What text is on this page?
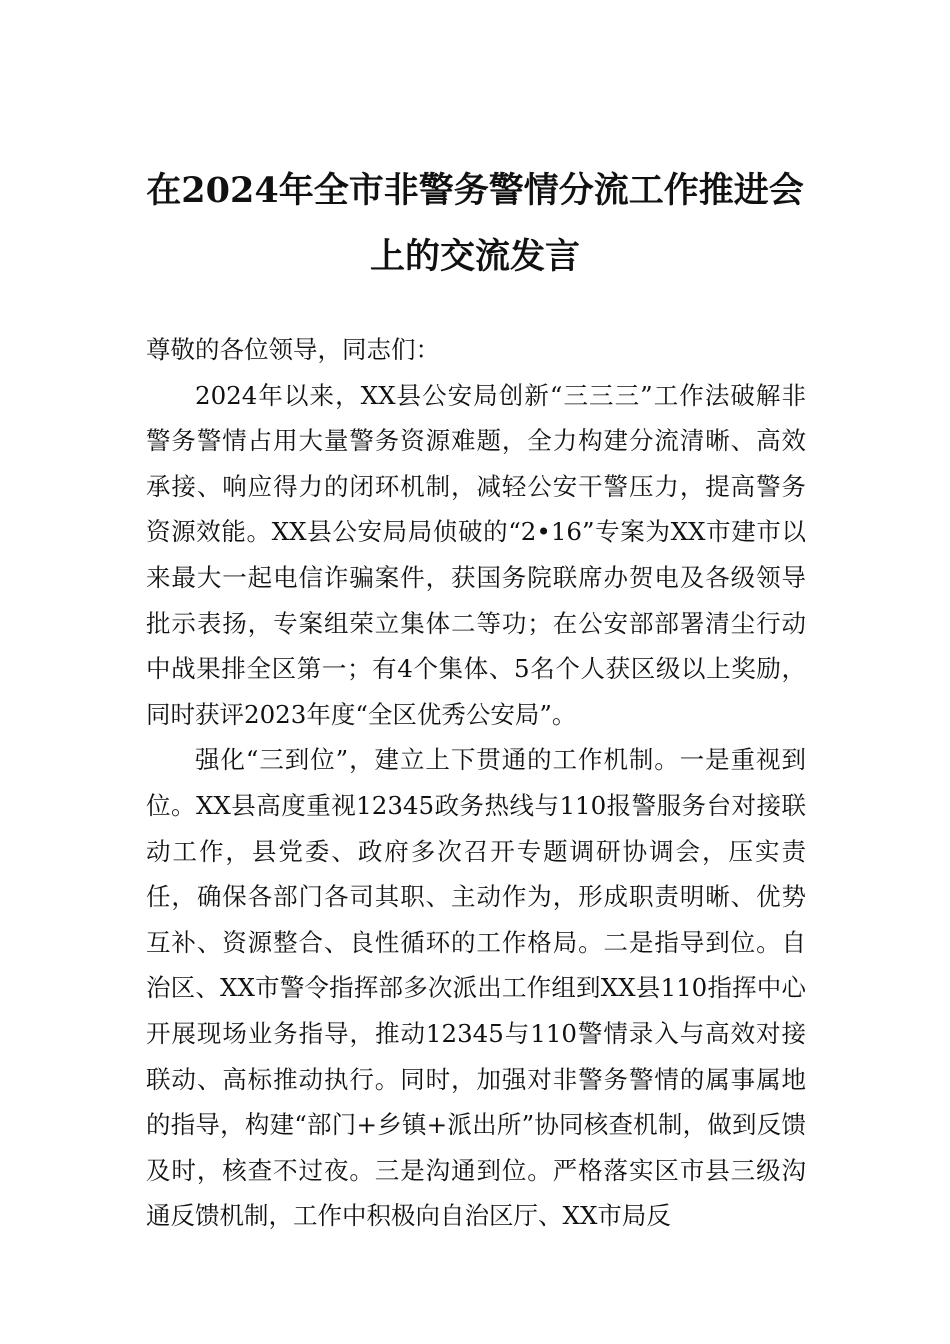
在2024年全市非警务警情分流工作推进会
上的交流发言

尊敬的各位领导，同志们：

2024年以来，XX县公安局创新“三三三”工作法破解非警务警情占用大量警务资源难题，全力构建分流清晰、高效承接、响应得力的闭环机制，减轻公安干警压力，提高警务资源效能。XX县公安局局侦破的“2•16”专案为XX市建市以来最大一起电信诈骗案件，获国务院联席办贺电及各级领导批示表扬，专案组荣立集体二等功；在公安部部署清尘行动中战果排全区第一；有4个集体、5名个人获区级以上奖励，同时获评2023年度“全区优秀公安局”。

强化“三到位”，建立上下贯通的工作机制。一是重视到位。XX县高度重视12345政务热线与110报警服务台对接联动工作，县党委、政府多次召开专题调研协调会，压实责任，确保各部门各司其职、主动作为，形成职责明晰、优势互补、资源整合、良性循环的工作格局。二是指导到位。自治区、XX市警令指挥部多次派出工作组到XX县110指挥中心开展现场业务指导，推动12345与110警情录入与高效对接联动、高标推动执行。同时，加强对非警务警情的属事属地的指导，构建“部门+乡镇+派出所”协同核查机制，做到反馈及时，核查不过夜。三是沟通到位。严格落实区市县三级沟通反馈机制，工作中积极向自治区厅、XX市局反
